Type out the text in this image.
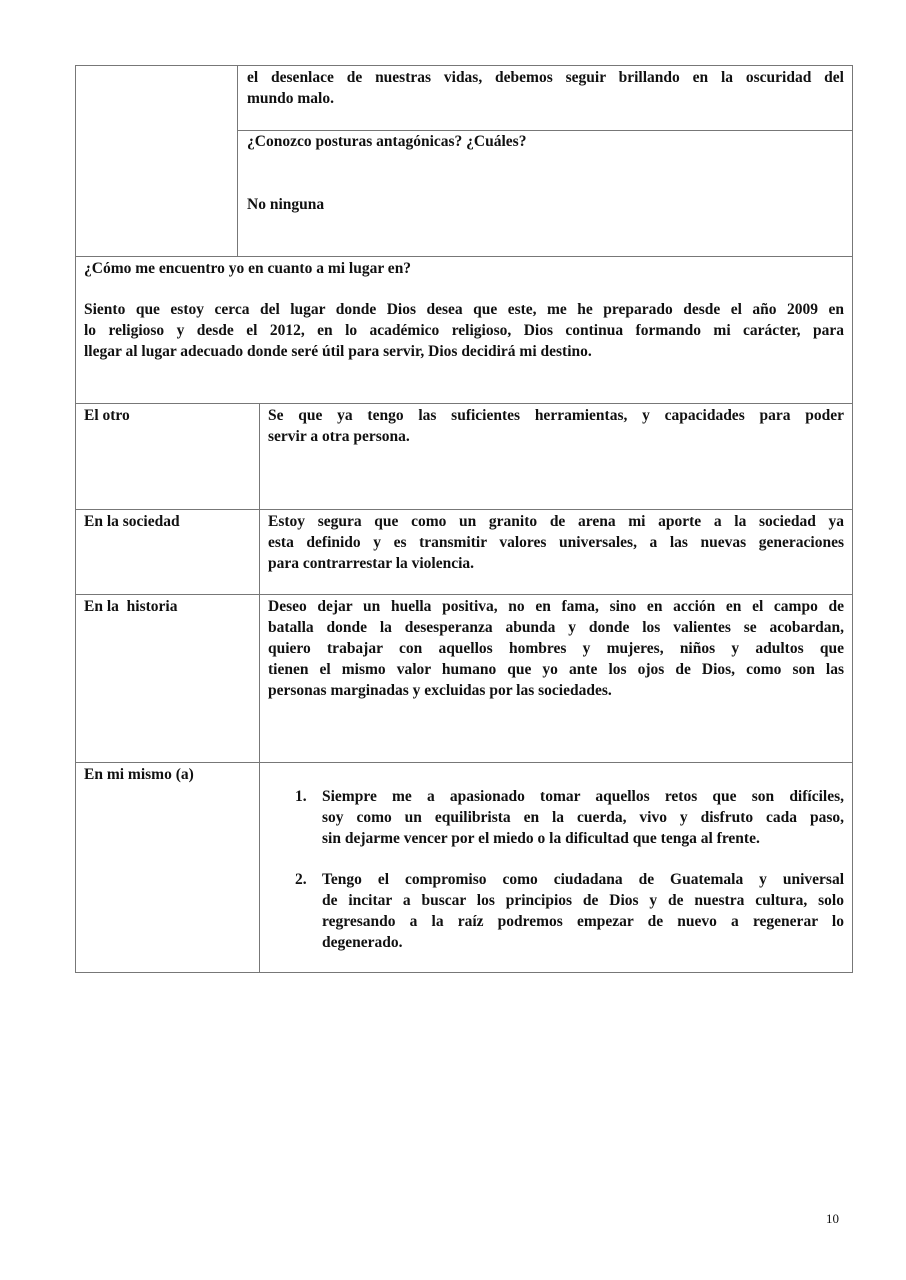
el desenlace de nuestras vidas, debemos seguir brillando en la oscuridad del
mundo malo.
¿Conozco posturas antagónicas? ¿Cuáles?
No ninguna
¿Cómo me encuentro yo en cuanto a mi lugar en?
Siento que estoy cerca del lugar donde Dios desea que este, me he preparado desde el año 2009 en
lo religioso y desde el 2012, en lo académico religioso, Dios continua formando mi carácter, para
llegar al lugar adecuado donde seré útil para servir, Dios decidirá mi destino.
El otro	Se que ya tengo las suficientes herramientas, y capacidades para poder
servir a otra persona.
En la sociedad	Estoy segura que como un granito de arena mi aporte a la sociedad ya
esta definido y es transmitir valores universales, a las nuevas generaciones
para contrarrestar la violencia.
En la  historia	Deseo dejar un huella positiva, no en fama, sino en acción en el campo de
batalla donde la desesperanza abunda y donde los valientes se acobardan,
quiero trabajar con aquellos hombres y mujeres, niños y adultos que
tienen el mismo valor humano que yo ante los ojos de Dios, como son las
personas marginadas y excluidas por las sociedades.
En mi mismo (a)
1. Siempre me a apasionado tomar aquellos retos que son difíciles,
soy como un equilibrista en la cuerda, vivo y disfruto cada paso,
sin dejarme vencer por el miedo o la dificultad que tenga al frente.
2. Tengo el compromiso como ciudadana de Guatemala y universal
de incitar a buscar los principios de Dios y de nuestra cultura, solo
regresando a la raíz podremos empezar de nuevo a regenerar lo
degenerado.
10
